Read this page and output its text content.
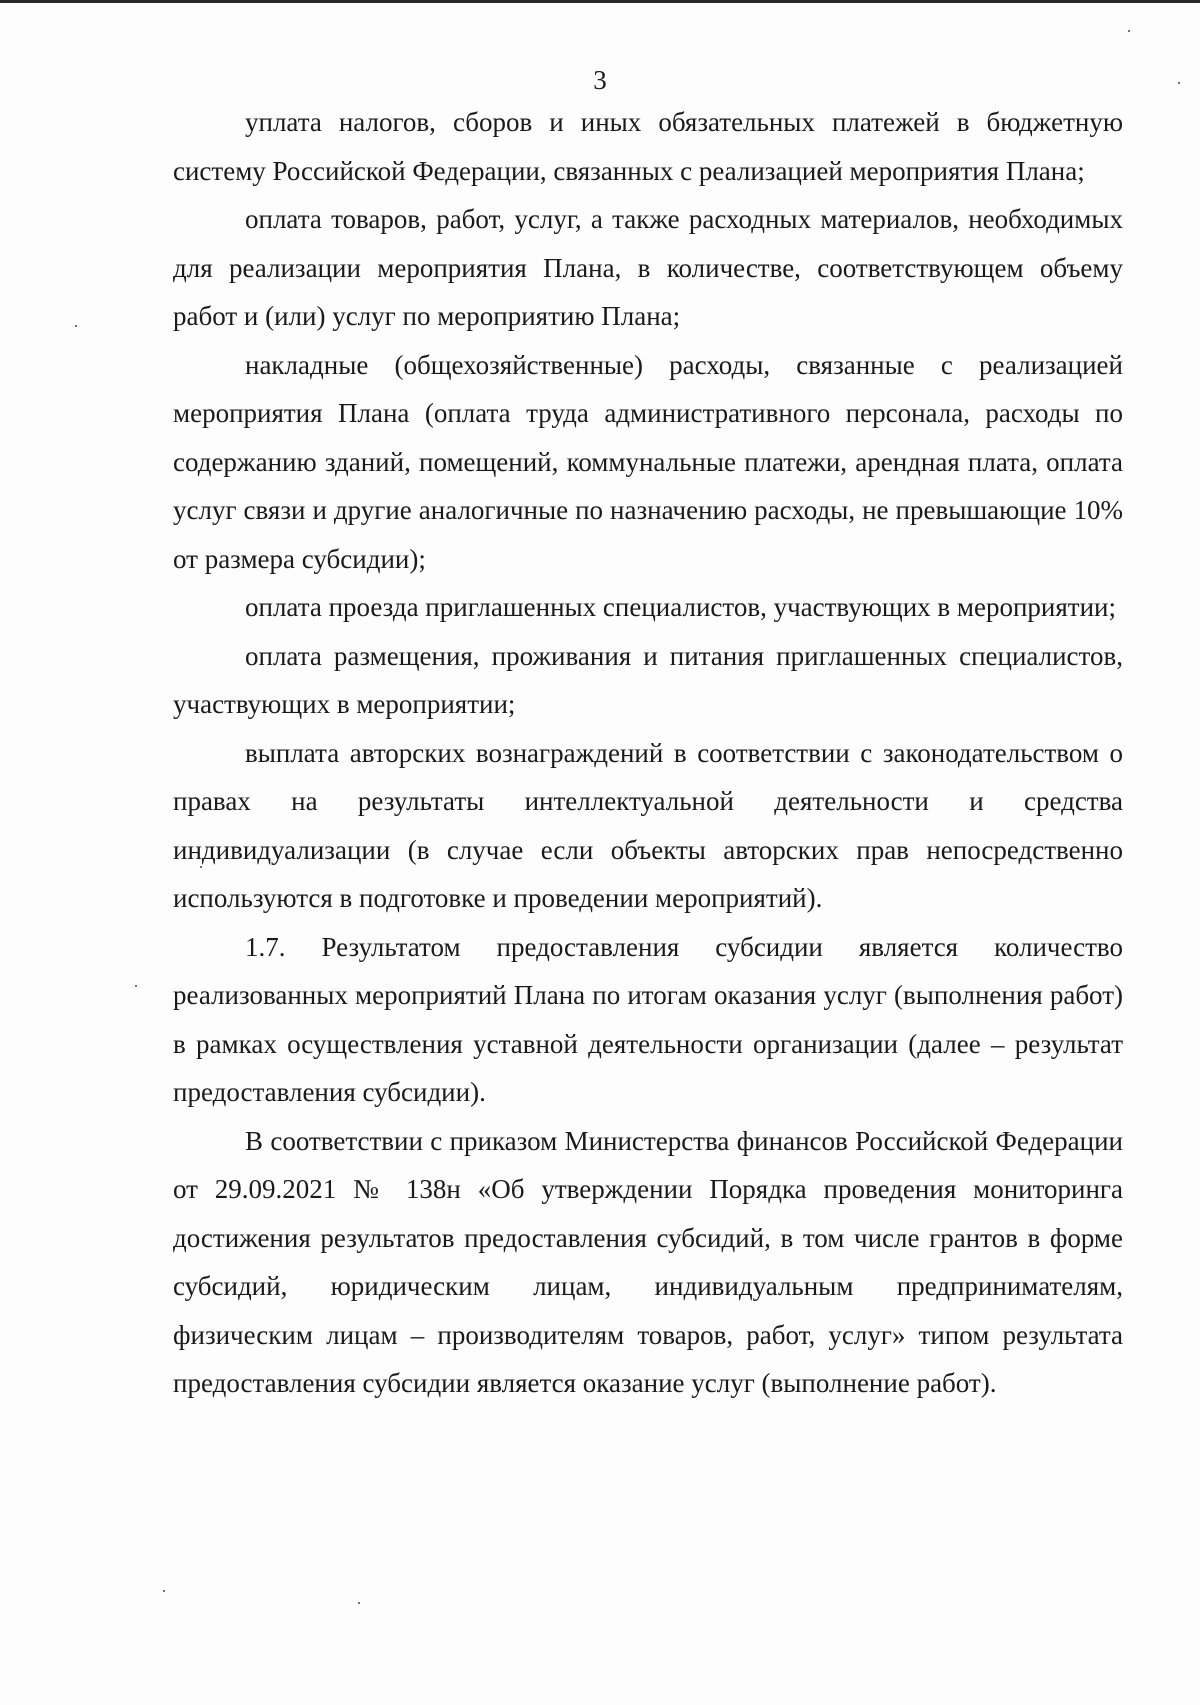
3

уплата налогов, сборов и иных обязательных платежей в бюджетную систему Российской Федерации, связанных с реализацией мероприятия Плана;

оплата товаров, работ, услуг, а также расходных материалов, необходимых для реализации мероприятия Плана, в количестве, соответствующем объему работ и (или) услуг по мероприятию Плана;

накладные (общехозяйственные) расходы, связанные с реализацией мероприятия Плана (оплата труда административного персонала, расходы по содержанию зданий, помещений, коммунальные платежи, арендная плата, оплата услуг связи и другие аналогичные по назначению расходы, не превышающие 10% от размера субсидии);

оплата проезда приглашенных специалистов, участвующих в мероприятии;

оплата размещения, проживания и питания приглашенных специалистов, участвующих в мероприятии;

выплата авторских вознаграждений в соответствии с законодательством о правах на результаты интеллектуальной деятельности и средства индивидуализации (в случае если объекты авторских прав непосредственно используются в подготовке и проведении мероприятий).

1.7. Результатом предоставления субсидии является количество реализованных мероприятий Плана по итогам оказания услуг (выполнения работ) в рамках осуществления уставной деятельности организации (далее – результат предоставления субсидии).

В соответствии с приказом Министерства финансов Российской Федерации от 29.09.2021 № 138н «Об утверждении Порядка проведения мониторинга достижения результатов предоставления субсидий, в том числе грантов в форме субсидий, юридическим лицам, индивидуальным предпринимателям, физическим лицам – производителям товаров, работ, услуг» типом результата предоставления субсидии является оказание услуг (выполнение работ).
